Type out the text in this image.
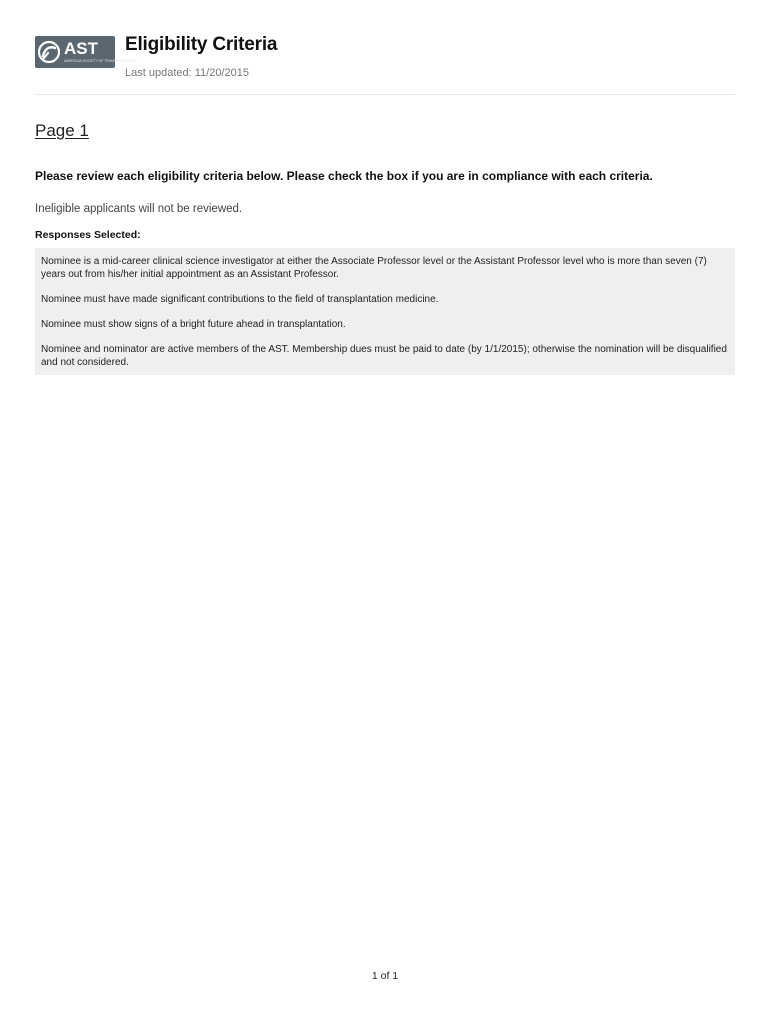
AST
AMERICAN SOCIETY OF TRANSPLANTATION
Eligibility Criteria
Last updated: 11/20/2015
Page 1
Please review each eligibility criteria below. Please check the box if you are in compliance with each criteria.
Ineligible applicants will not be reviewed.
Responses Selected:

Nominee is a mid-career clinical science investigator at either the Associate Professor level or the Assistant Professor level who is more than seven (7) years out from his/her initial appointment as an Assistant Professor.

Nominee must have made significant contributions to the field of transplantation medicine.

Nominee must show signs of a bright future ahead in transplantation.

Nominee and nominator are active members of the AST. Membership dues must be paid to date (by 1/1/2015); otherwise the nomination will be disqualified and not considered.

1 of 1
